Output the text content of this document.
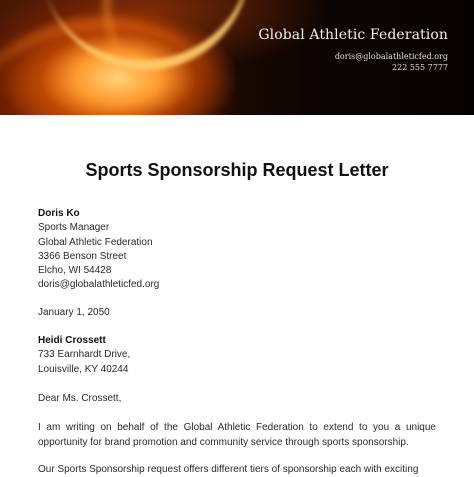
Global Athletic Federation
doris@globalathleticfed.org
222 555 7777
Sports Sponsorship Request Letter
Doris Ko
Sports Manager
Global Athletic Federation
3366 Benson Street
Elcho, WI 54428
doris@globalathleticfed.org
January 1, 2050
Heidi Crossett
733 Earnhardt Drive,
Louisville, KY 40244
Dear Ms. Crossett,
I am writing on behalf of the Global Athletic Federation to extend to you a unique opportunity for brand promotion and community service through sports sponsorship.
Our Sports Sponsorship request offers different tiers of sponsorship each with exciting
